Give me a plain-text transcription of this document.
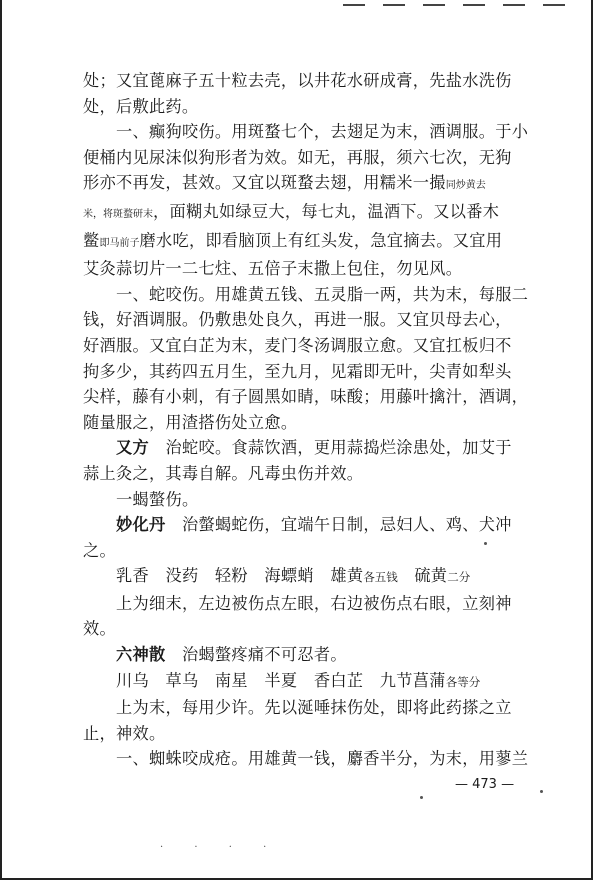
处；又宜蓖麻子五十粒去壳，以井花水研成膏，先盐水洗伤
处，后敷此药。
一、癫狗咬伤。用斑蝥七个，去翅足为末，酒调服。于小
便桶内见尿沫似狗形者为效。如无，再服，须六七次，无狗
形亦不再发，甚效。又宜以斑蝥去翅，用糯米一撮同炒黄去
米，将斑蝥研末，面糊丸如绿豆大，每七丸，温酒下。又以番木
鳖即马前子磨水吃，即看脑顶上有红头发，急宜摘去。又宜用
艾灸蒜切片一二七炷、五倍子末撒上包住，勿见风。
一、蛇咬伤。用雄黄五钱、五灵脂一两，共为末，每服二
钱，好酒调服。仍敷患处良久，再进一服。又宜贝母去心，
好酒服。又宜白芷为末，麦门冬汤调服立愈。又宜扛板归不
拘多少，其药四五月生，至九月，见霜即无叶，尖青如犁头
尖样，藤有小刺，有子圆黑如睛，味酸；用藤叶擒汁，酒调，
随量服之，用渣搭伤处立愈。
又方　 治蛇咬。食蒜饮酒，更用蒜捣烂涂患处，加艾于
蒜上灸之，其毒自解。凡毒虫伤并效。
一蝎螫伤。
妙化丹　 治螫蝎蛇伤，宜端午日制，忌妇人、鸡、犬冲
之。
乳香　没药　轻粉　海螵蛸　雄黄各五钱　 硫黄二分
上为细末，左边被伤点左眼，右边被伤点右眼，立刻神
效。
六神散　 治蝎螫疼痛不可忍者。
川乌　草乌　南星　半夏　香白芷　九节菖蒲各等分
上为末，每用少许。先以涎唾抹伤处，即将此药搽之立
止，神效。
一、蜘蛛咬成疮。用雄黄一钱，麝香半分，为末，用蓼兰
— 473 —
· · · ·
